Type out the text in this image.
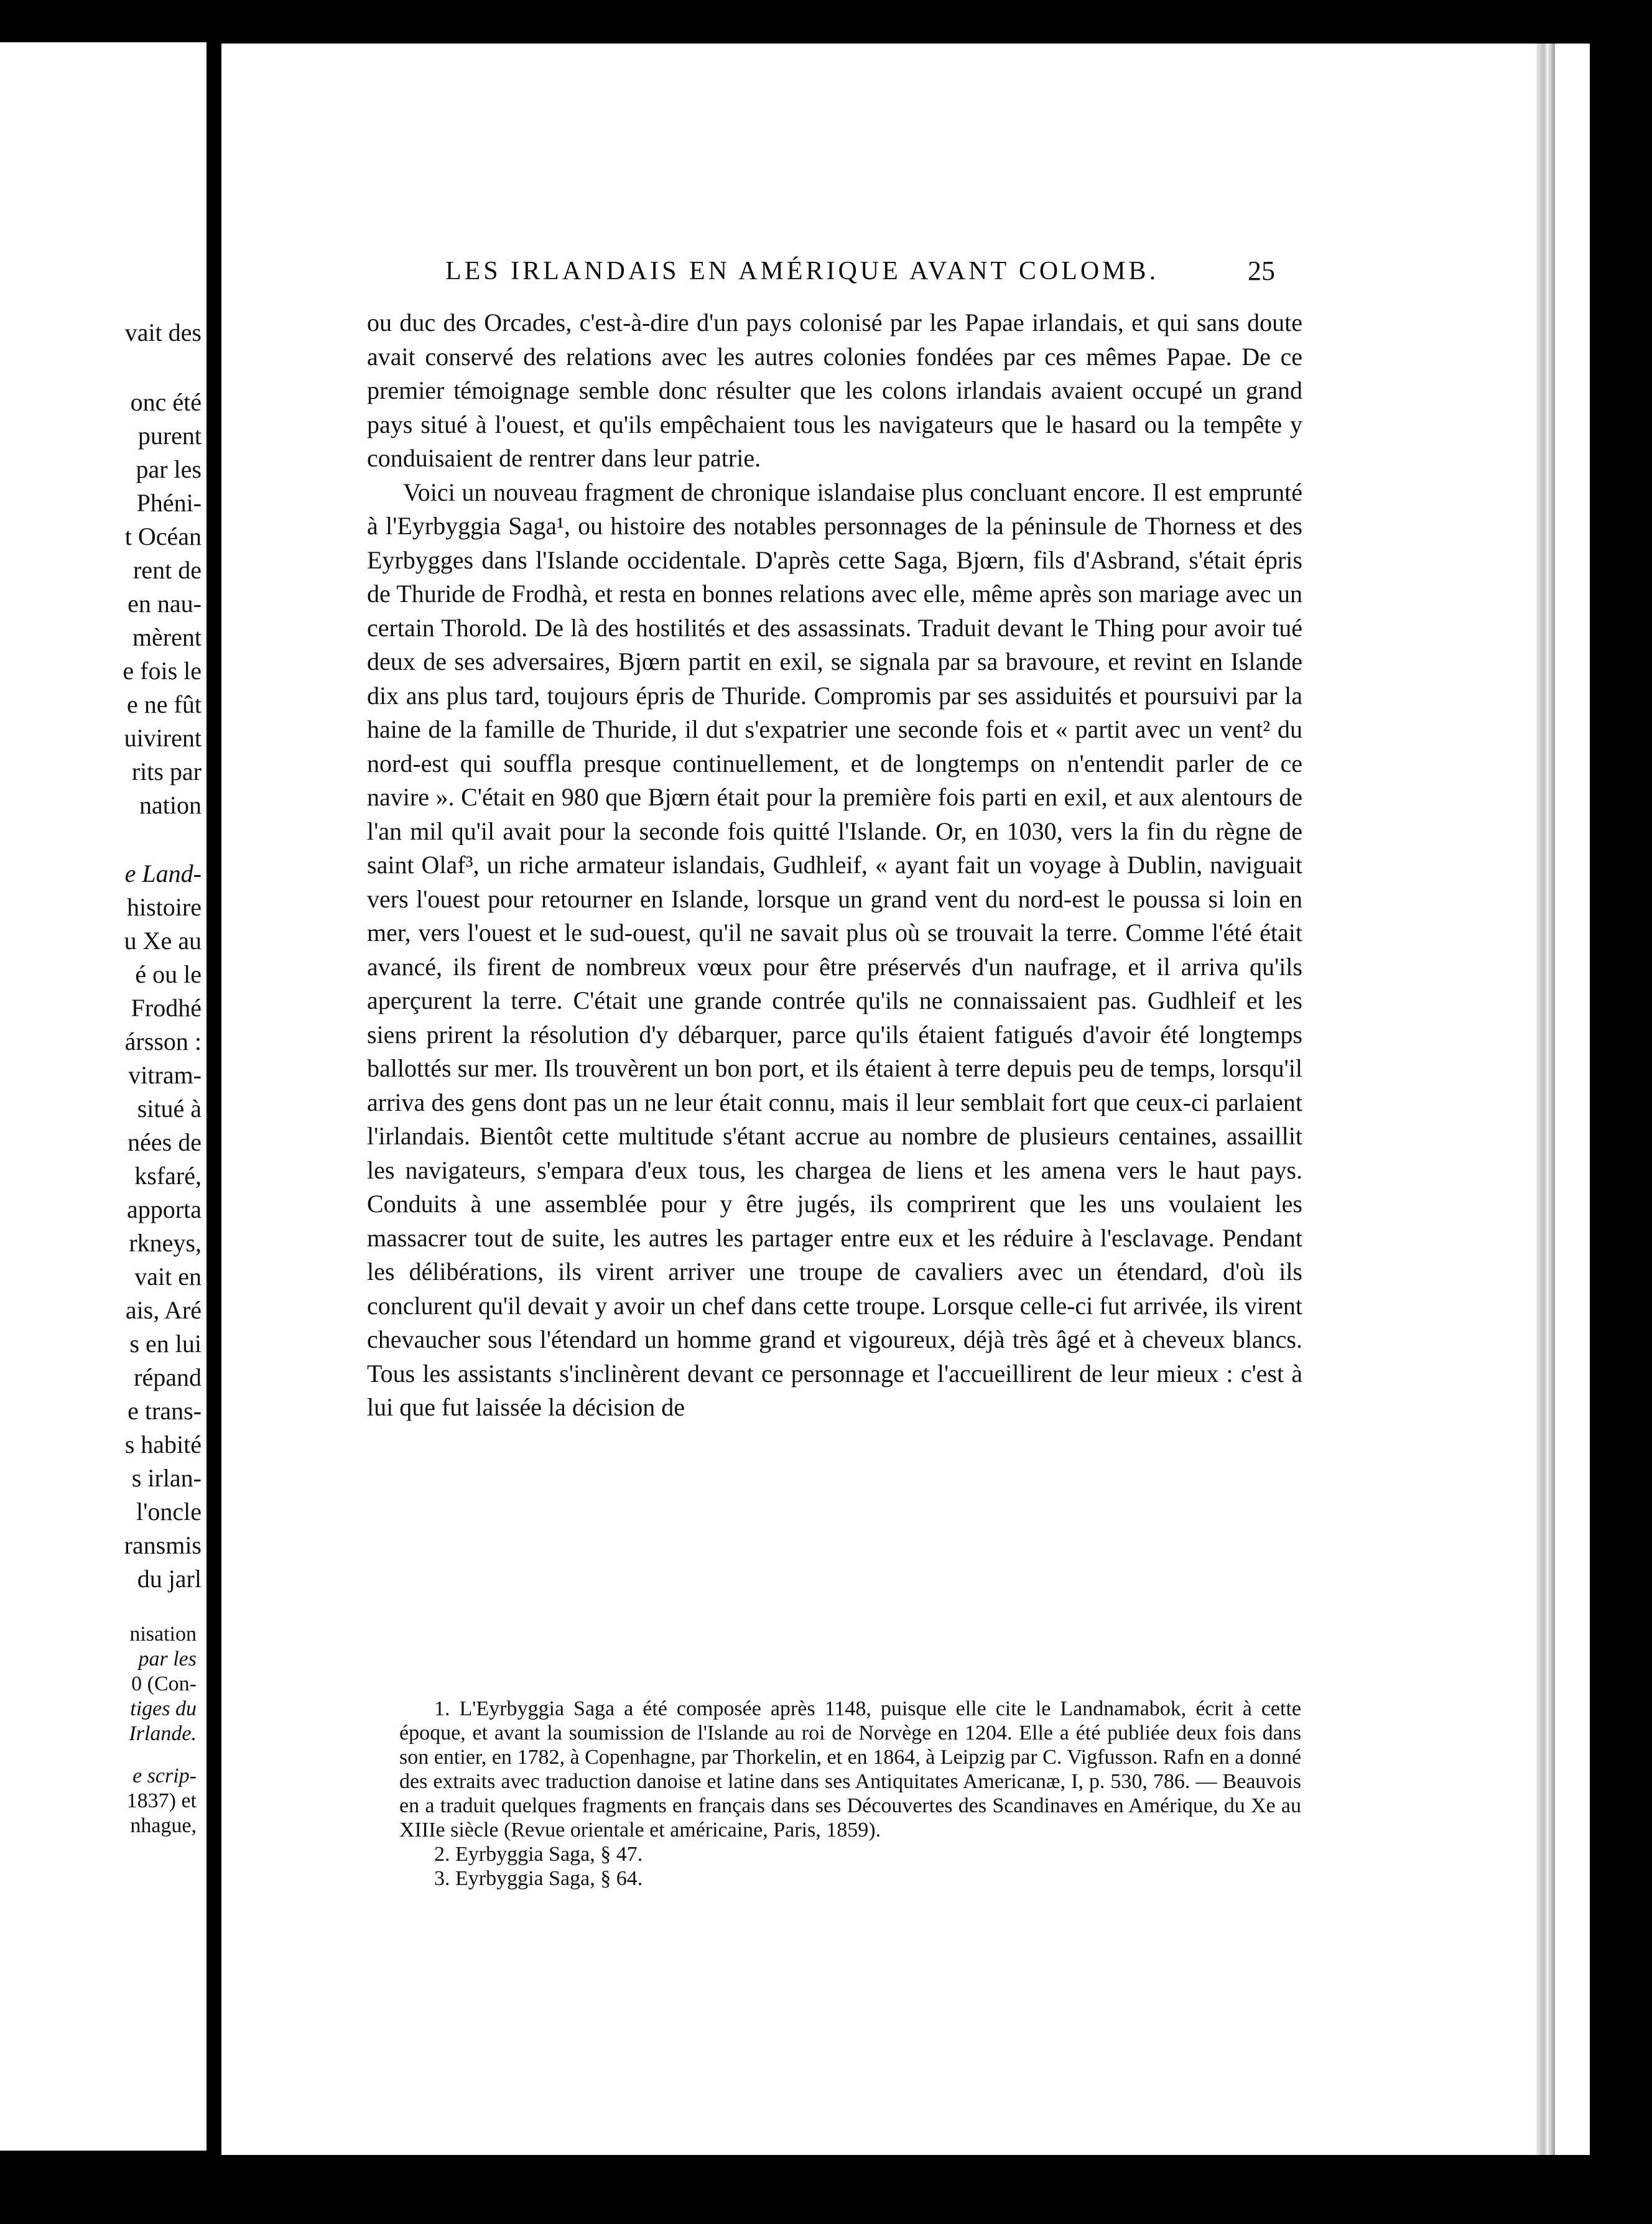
vait des
onc été
purent
par les
Phéni-
t Océan
rent de
en nau-
mèrent
e fois le
e ne fût
uivirent
rits par
nation
e Land-
histoire
u Xe au
é ou le
Frodhé
ársson :
vitram-
situé à
nées de
ksfaré,
apporta
rkneys,
vait en
ais, Aré
s en lui
répand
e trans-
s habité
s irlan-
l'oncle
ransmis
du jarl
nisation
par les
0 (Con-
tiges du
Irlande.
e scrip-
1837) et
nhague,
LES IRLANDAIS EN AMÉRIQUE AVANT COLOMB.	25

ou duc des Orcades, c'est-à-dire d'un pays colonisé par les Papae irlandais, et qui sans doute avait conservé des relations avec les autres colonies fondées par ces mêmes Papae. De ce premier témoignage semble donc résulter que les colons irlandais avaient occupé un grand pays situé à l'ouest, et qu'ils empêchaient tous les navigateurs que le hasard ou la tempête y conduisaient de rentrer dans leur patrie.

Voici un nouveau fragment de chronique islandaise plus concluant encore. Il est emprunté à l'Eyrbyggia Saga¹, ou histoire des notables personnages de la péninsule de Thorness et des Eyrbygges dans l'Islande occidentale. D'après cette Saga, Bjœrn, fils d'Asbrand, s'était épris de Thuride de Frodhà, et resta en bonnes relations avec elle, même après son mariage avec un certain Thorold. De là des hostilités et des assassinats. Traduit devant le Thing pour avoir tué deux de ses adversaires, Bjœrn partit en exil, se signala par sa bravoure, et revint en Islande dix ans plus tard, toujours épris de Thuride. Compromis par ses assiduités et poursuivi par la haine de la famille de Thuride, il dut s'expatrier une seconde fois et « partit avec un vent² du nord-est qui souffla presque continuellement, et de longtemps on n'entendit parler de ce navire ». C'était en 980 que Bjœrn était pour la première fois parti en exil, et aux alentours de l'an mil qu'il avait pour la seconde fois quitté l'Islande. Or, en 1030, vers la fin du règne de saint Olaf³, un riche armateur islandais, Gudhleif, « ayant fait un voyage à Dublin, naviguait vers l'ouest pour retourner en Islande, lorsque un grand vent du nord-est le poussa si loin en mer, vers l'ouest et le sud-ouest, qu'il ne savait plus où se trouvait la terre. Comme l'été était avancé, ils firent de nombreux vœux pour être préservés d'un naufrage, et il arriva qu'ils aperçurent la terre. C'était une grande contrée qu'ils ne connaissaient pas. Gudhleif et les siens prirent la résolution d'y débarquer, parce qu'ils étaient fatigués d'avoir été longtemps ballottés sur mer. Ils trouvèrent un bon port, et ils étaient à terre depuis peu de temps, lorsqu'il arriva des gens dont pas un ne leur était connu, mais il leur semblait fort que ceux-ci parlaient l'irlandais. Bientôt cette multitude s'étant accrue au nombre de plusieurs centaines, assaillit les navigateurs, s'empara d'eux tous, les chargea de liens et les amena vers le haut pays. Conduits à une assemblée pour y être jugés, ils comprirent que les uns voulaient les massacrer tout de suite, les autres les partager entre eux et les réduire à l'esclavage. Pendant les délibérations, ils virent arriver une troupe de cavaliers avec un étendard, d'où ils conclurent qu'il devait y avoir un chef dans cette troupe. Lorsque celle-ci fut arrivée, ils virent chevaucher sous l'étendard un homme grand et vigoureux, déjà très âgé et à cheveux blancs. Tous les assistants s'inclinèrent devant ce personnage et l'accueillirent de leur mieux : c'est à lui que fut laissée la décision de

1. L'Eyrbyggia Saga a été composée après 1148, puisque elle cite le Landnamabok, écrit à cette époque, et avant la soumission de l'Islande au roi de Norvège en 1204. Elle a été publiée deux fois dans son entier, en 1782, à Copenhagne, par Thorkelin, et en 1864, à Leipzig par C. Vigfusson. Rafn en a donné des extraits avec traduction danoise et latine dans ses Antiquitates Americanæ, I, p. 530, 786. — Beauvois en a traduit quelques fragments en français dans ses Découvertes des Scandinaves en Amérique, du Xe au XIIIe siècle (Revue orientale et américaine, Paris, 1859).

2. Eyrbyggia Saga, § 47.

3. Eyrbyggia Saga, § 64.
